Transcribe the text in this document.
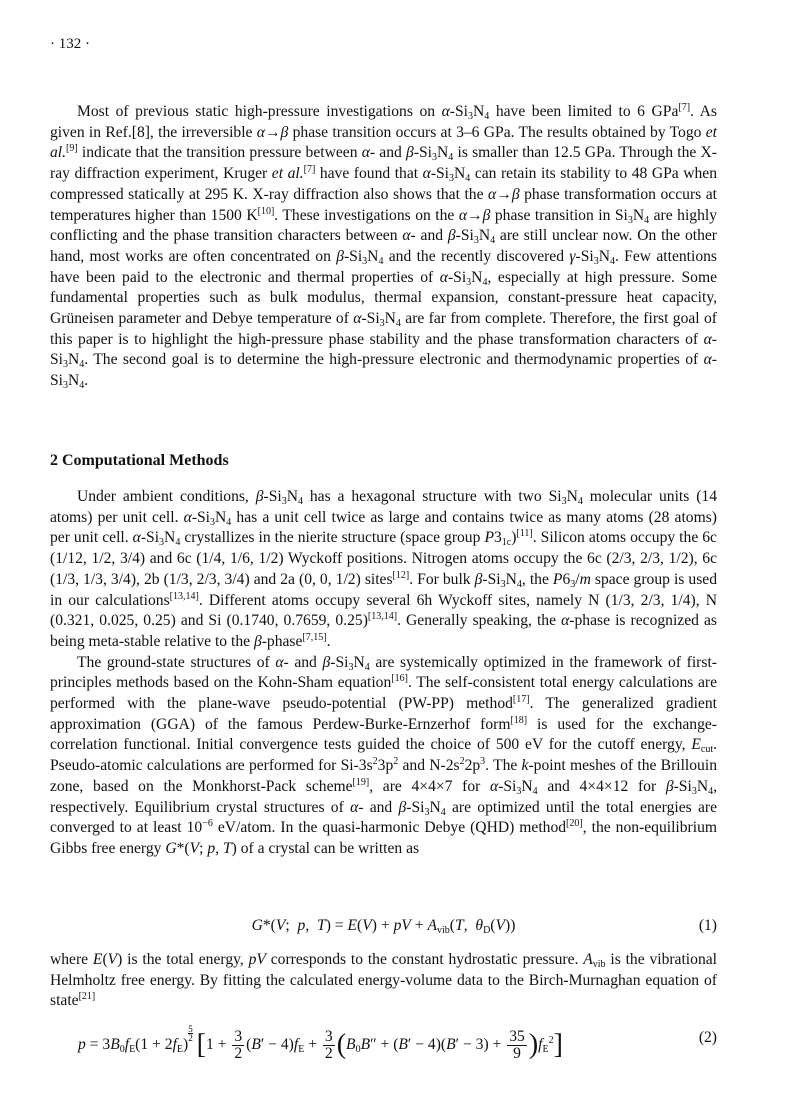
· 132 ·

Most of previous static high-pressure investigations on $\alpha-Si_3N_4$ have been limited to 6 GPa[7]. As given in Ref.[8], the irreversible α→β phase transition occurs at 3–6 GPa. The results obtained by Togo et al.[9] indicate that the transition pressure between α- and $\beta-Si_3N_4$ is smaller than 12.5 GPa. Through the X-ray diffraction experiment, Kruger et al.[7] have found that $\alpha-Si_3N_4$ can retain its stability to 48 GPa when compressed statically at 295 K. X-ray diffraction also shows that the α→β phase transformation occurs at temperatures higher than 1500 K[10]. These investigations on the α→β phase transition in $Si_3N_4$ are highly conflicting and the phase transition characters between α- and $\beta-Si_3N_4$ are still unclear now. On the other hand, most works are often concentrated on $\beta-Si_3N_4$ and the recently discovered $\gamma-Si_3N_4$. Few attentions have been paid to the electronic and thermal properties of $\alpha-Si_3N_4$, especially at high pressure. Some fundamental properties such as bulk modulus, thermal expansion, constant-pressure heat capacity, Grüneisen parameter and Debye temperature of $\alpha-Si_3N_4$ are far from complete. Therefore, the first goal of this paper is to highlight the high-pressure phase stability and the phase transformation characters of $\alpha-Si_3N_4$. The second goal is to determine the high-pressure electronic and thermodynamic properties of $\alpha-Si_3N_4$.

2 Computational Methods

Under ambient conditions, $\beta-Si_3N_4$ has a hexagonal structure with two $Si_3N_4$ molecular units (14 atoms) per unit cell. $\alpha-Si_3N_4$ has a unit cell twice as large and contains twice as many atoms (28 atoms) per unit cell. $\alpha-Si_3N_4$ crystallizes in the nierite structure (space group $P3_{1c})[11]$. Silicon atoms occupy the 6c (1/12, 1/2, 3/4) and 6c (1/4, 1/6, 1/2) Wyckoff positions. Nitrogen atoms occupy the 6c (2/3, 2/3, 1/2), 6c (1/3, 1/3, 3/4), 2b (1/3, 2/3, 3/4) and 2a (0, 0, 1/2) sites[12]. For bulk $\beta-Si_3N_4$, the $P6_3/m$ space group is used in our calculations[13,14]. Different atoms occupy several 6h Wyckoff sites, namely N (1/3, 2/3, 1/4), N (0.321, 0.025, 0.25) and Si (0.1740, 0.7659, 0.25)[13,14]. Generally speaking, the α-phase is recognized as being meta-stable relative to the β-phase[7,15].

The ground-state structures of α- and $\beta-Si_3N_4$ are systemically optimized in the framework of first-principles methods based on the Kohn-Sham equation[16]. The self-consistent total energy calculations are performed with the plane-wave pseudo-potential (PW-PP) method[17]. The generalized gradient approximation (GGA) of the famous Perdew-Burke-Ernzerhof form[18] is used for the exchange-correlation functional. Initial convergence tests guided the choice of 500 eV for the cutoff energy, $E_{cut}$. Pseudo-atomic calculations are performed for $Si-3s^23p^2$ and $N-2s^22p^3$. The k-point meshes of the Brillouin zone, based on the Monkhorst-Pack scheme[19], are 4×4×7 for $\alpha-Si_3N_4$ and 4×4×12 for $\beta-Si_3N_4$, respectively. Equilibrium crystal structures of α- and $\beta-Si_3N_4$ are optimized until the total energies are converged to at least $10^{-6}$ eV/atom. In the quasi-harmonic Debye (QHD) method[20], the non-equilibrium Gibbs free energy G*(V; p, T) of a crystal can be written as

G*(V;  p,  T) = E(V) + pV + $A_{vib}(T$,  $\theta_D(V)$)	(1)

where E(V) is the total energy, pV corresponds to the constant hydrostatic pressure. $A_{vib}$ is the vibrational Helmholtz free energy. By fitting the calculated energy-volume data to the Birch-Murnaghan equation of state[21]

$p = 3B_0f_E(1 + 2f_E)$
$\frac{5}{2} [1 + \frac{3}{2} (B' - 4)f_E + \frac{3}{2} (B_0B'' + (B' - 4)(B' - 3) + \frac{35}{9} )f_E^2]$	(2)
